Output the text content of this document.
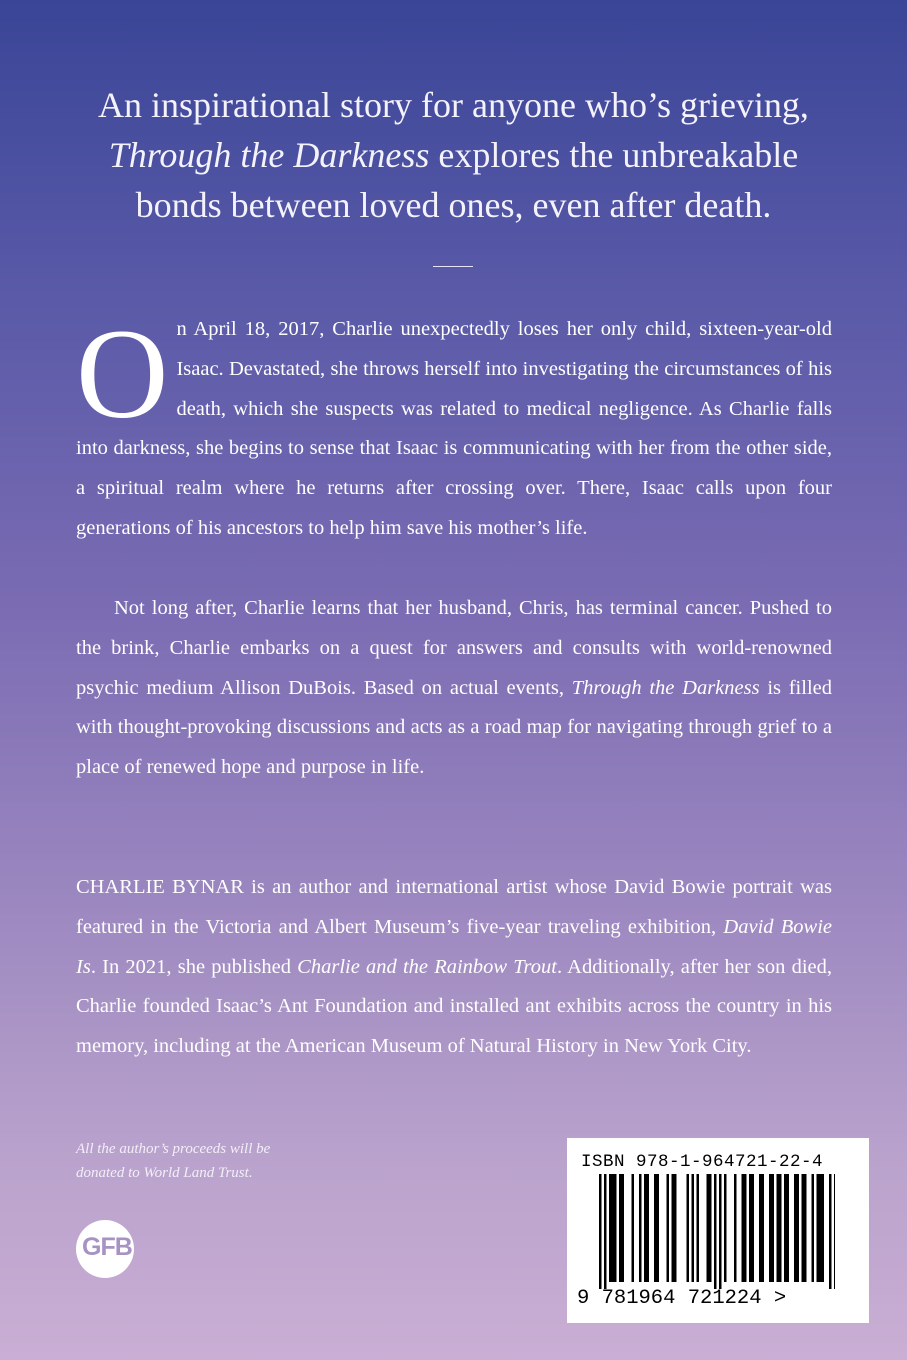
An inspirational story for anyone who’s grieving,
Through the Darkness explores the unbreakable
bonds between loved ones, even after death.
On April 18, 2017, Charlie unexpectedly loses her only child, sixteen-year-old Isaac. Devastated, she throws herself into investigating the circumstances of his death, which she suspects was related to medical negligence. As Charlie falls into darkness, she begins to sense that Isaac is communicating with her from the other side, a spiritual realm where he returns after crossing over. There, Isaac calls upon four generations of his ancestors to help him save his mother’s life.
Not long after, Charlie learns that her husband, Chris, has terminal cancer. Pushed to the brink, Charlie embarks on a quest for answers and consults with world-renowned psychic medium Allison DuBois. Based on actual events, Through the Darkness is filled with thought-provoking discussions and acts as a road map for navigating through grief to a place of renewed hope and purpose in life.
CHARLIE BYNAR is an author and international artist whose David Bowie portrait was featured in the Victoria and Albert Museum’s five-year traveling exhibition, David Bowie Is. In 2021, she published Charlie and the Rainbow Trout. Additionally, after her son died, Charlie founded Isaac’s Ant Foundation and installed ant exhibits across the country in his memory, including at the American Museum of Natural History in New York City.
All the author’s proceeds will be
donated to World Land Trust.
GFB
ISBN 978-1-964721-22-4
9 781964 721224 >
